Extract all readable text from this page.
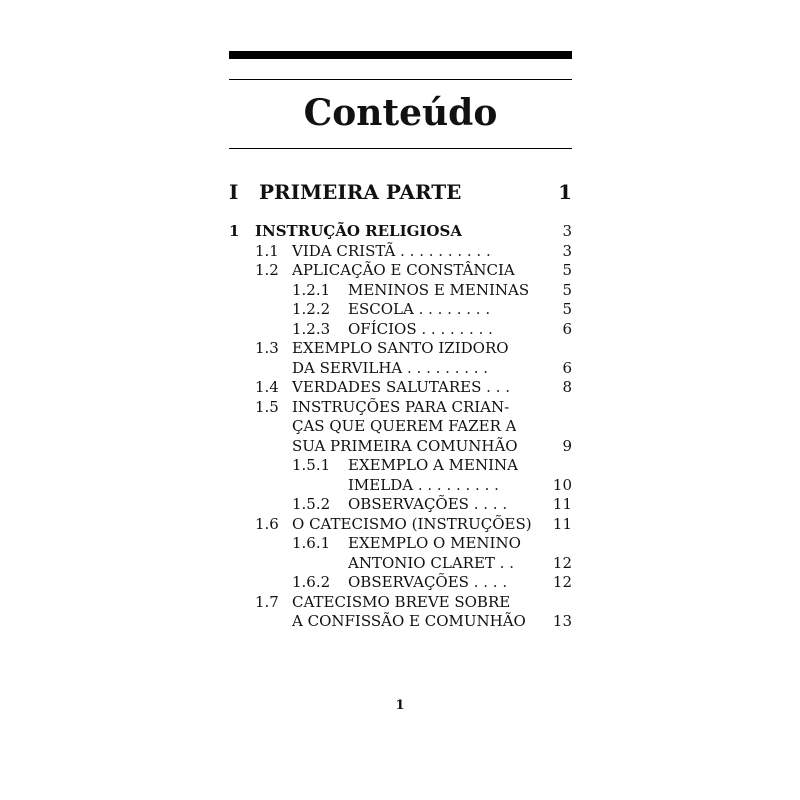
Conteúdo
I PRIMEIRA PARTE	1
1 INSTRUÇÃO RELIGIOSA	3
1.1 VIDA CRISTÃ . . . . . . . . . .	3
1.2 APLICAÇÃO E CONSTÂNCIA	5
1.2.1 MENINOS E MENINAS 5
1.2.2 ESCOLA . . . . . . . .	5
1.2.3 OFÍCIOS . . . . . . . .	6
1.3 EXEMPLO SANTO IZIDORO
DA SERVILHA . . . . . . . . .	6
1.4 VERDADES SALUTARES . . .	8
1.5 INSTRUÇÕES PARA CRIAN-
ÇAS QUE QUEREM FAZER A
SUA PRIMEIRA COMUNHÃO	9
1.5.1 EXEMPLO A MENINA
IMELDA . . . . . . . . .	10
1.5.2 OBSERVAÇÕES . . . .	11
1.6 O CATECISMO (INSTRUÇÕES) 11
1.6.1 EXEMPLO O MENINO
ANTONIO CLARET . .	12
1.6.2 OBSERVAÇÕES . . . .	12
1.7 CATECISMO BREVE SOBRE
A CONFISSÃO E COMUNHÃO 13
1
